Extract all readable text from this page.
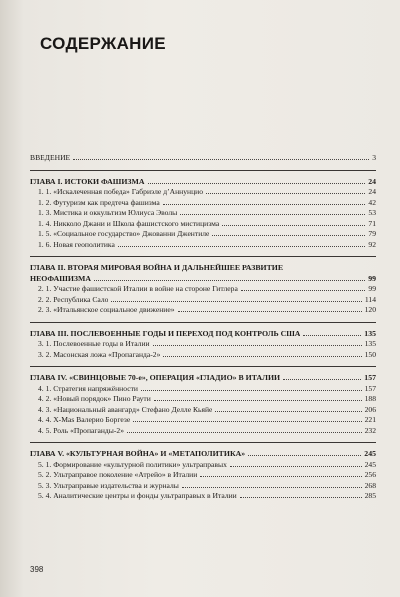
СОДЕРЖАНИЕ
ВВЕДЕНИЕ	3
ГЛАВА I. ИСТОКИ ФАШИЗМА	24
1. 1. «Искалеченная победа» Габриэле д’Аннунцио	24
1. 2. Футуризм как предтеча фашизма	42
1. 3. Мистика и оккультизм Юлиуса Эволы	53
1. 4. Никколо Джани и Школа фашистского мистицизма	71
1. 5. «Социальное государство» Джованни Джентиле	79
1. 6. Новая геополитика	92
ГЛАВА II. ВТОРАЯ МИРОВАЯ ВОЙНА И ДАЛЬНЕЙШЕЕ РАЗВИТИЕ
НЕОФАШИЗМА	99
2. 1. Участие фашистской Италии в войне на стороне Гитлера	99
2. 2. Республика Сало	114
2. 3. «Итальянское социальное движение»	120
ГЛАВА III. ПОСЛЕВОЕННЫЕ ГОДЫ И ПЕРЕХОД ПОД КОНТРОЛЬ США	135
3. 1. Послевоенные годы в Италии	135
3. 2. Масонская ложа «Пропаганда-2»	150
ГЛАВА IV. «СВИНЦОВЫЕ 70-е», ОПЕРАЦИЯ «ГЛАДИО» В ИТАЛИИ	157
4. 1. Стратегия напряжённости	157
4. 2. «Новый порядок» Пино Раути	188
4. 3. «Национальный авангард» Стефано Делле Кьяйе	206
4. 4. Х-Мas Валерио Боргезе	221
4. 5. Роль «Пропаганды-2»	232
ГЛАВА V. «КУЛЬТУРНАЯ ВОЙНА» И «МЕТАПОЛИТИКА»	245
5. 1. Формирование «культурной политики» ультраправых	245
5. 2. Ультраправое поколение «Атрейо» в Италии	256
5. 3. Ультраправые издательства и журналы	268
5. 4. Аналитические центры и фонды ультраправых в Италии	285
398
